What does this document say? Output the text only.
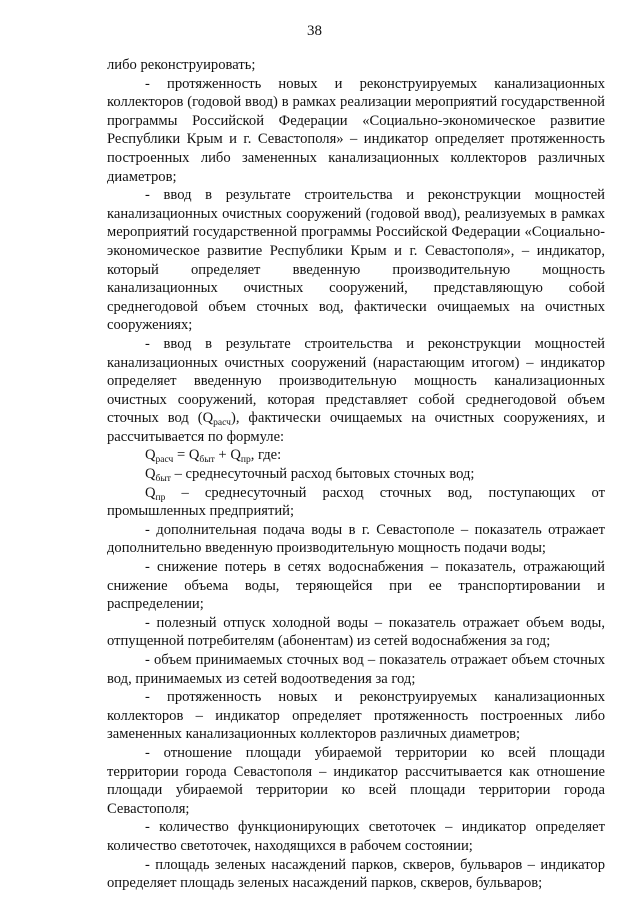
38

либо реконструировать;

- протяженность новых и реконструируемых канализационных коллекторов (годовой ввод) в рамках реализации мероприятий государственной программы Российской Федерации «Социально-экономическое развитие Республики Крым и г. Севастополя» – индикатор определяет протяженность построенных либо замененных канализационных коллекторов различных диаметров;

- ввод в результате строительства и реконструкции мощностей канализационных очистных сооружений (годовой ввод), реализуемых в рамках мероприятий государственной программы Российской Федерации «Социально-экономическое развитие Республики Крым и г. Севастополя», – индикатор, который определяет введенную производительную мощность канализационных очистных сооружений, представляющую собой среднегодовой объем сточных вод, фактически очищаемых на очистных сооружениях;

- ввод в результате строительства и реконструкции мощностей канализационных очистных сооружений (нарастающим итогом) – индикатор определяет введенную производительную мощность канализационных очистных сооружений, которая представляет собой среднегодовой объем сточных вод $(Q_{расч})$, фактически очищаемых на очистных сооружениях, и рассчитывается по формуле:

$Q_{расч} = Q_{быт} + Q_{пр}$, где:

$Q_{быт}$ – среднесуточный расход бытовых сточных вод;

$Q_{пр}$ – среднесуточный расход сточных вод, поступающих от промышленных предприятий;

- дополнительная подача воды в г. Севастополе – показатель отражает дополнительно введенную производительную мощность подачи воды;

- снижение потерь в сетях водоснабжения – показатель, отражающий снижение объема воды, теряющейся при ее транспортировании и распределении;

- полезный отпуск холодной воды – показатель отражает объем воды, отпущенной потребителям (абонентам) из сетей водоснабжения за год;

- объем принимаемых сточных вод – показатель отражает объем сточных вод, принимаемых из сетей водоотведения за год;

- протяженность новых и реконструируемых канализационных коллекторов – индикатор определяет протяженность построенных либо замененных канализационных коллекторов различных диаметров;

- отношение площади убираемой территории ко всей площади территории города Севастополя – индикатор рассчитывается как отношение площади убираемой территории ко всей площади территории города Севастополя;

- количество функционирующих светоточек – индикатор определяет количество светоточек, находящихся в рабочем состоянии;

- площадь зеленых насаждений парков, скверов, бульваров – индикатор определяет площадь зеленых насаждений парков, скверов, бульваров;
